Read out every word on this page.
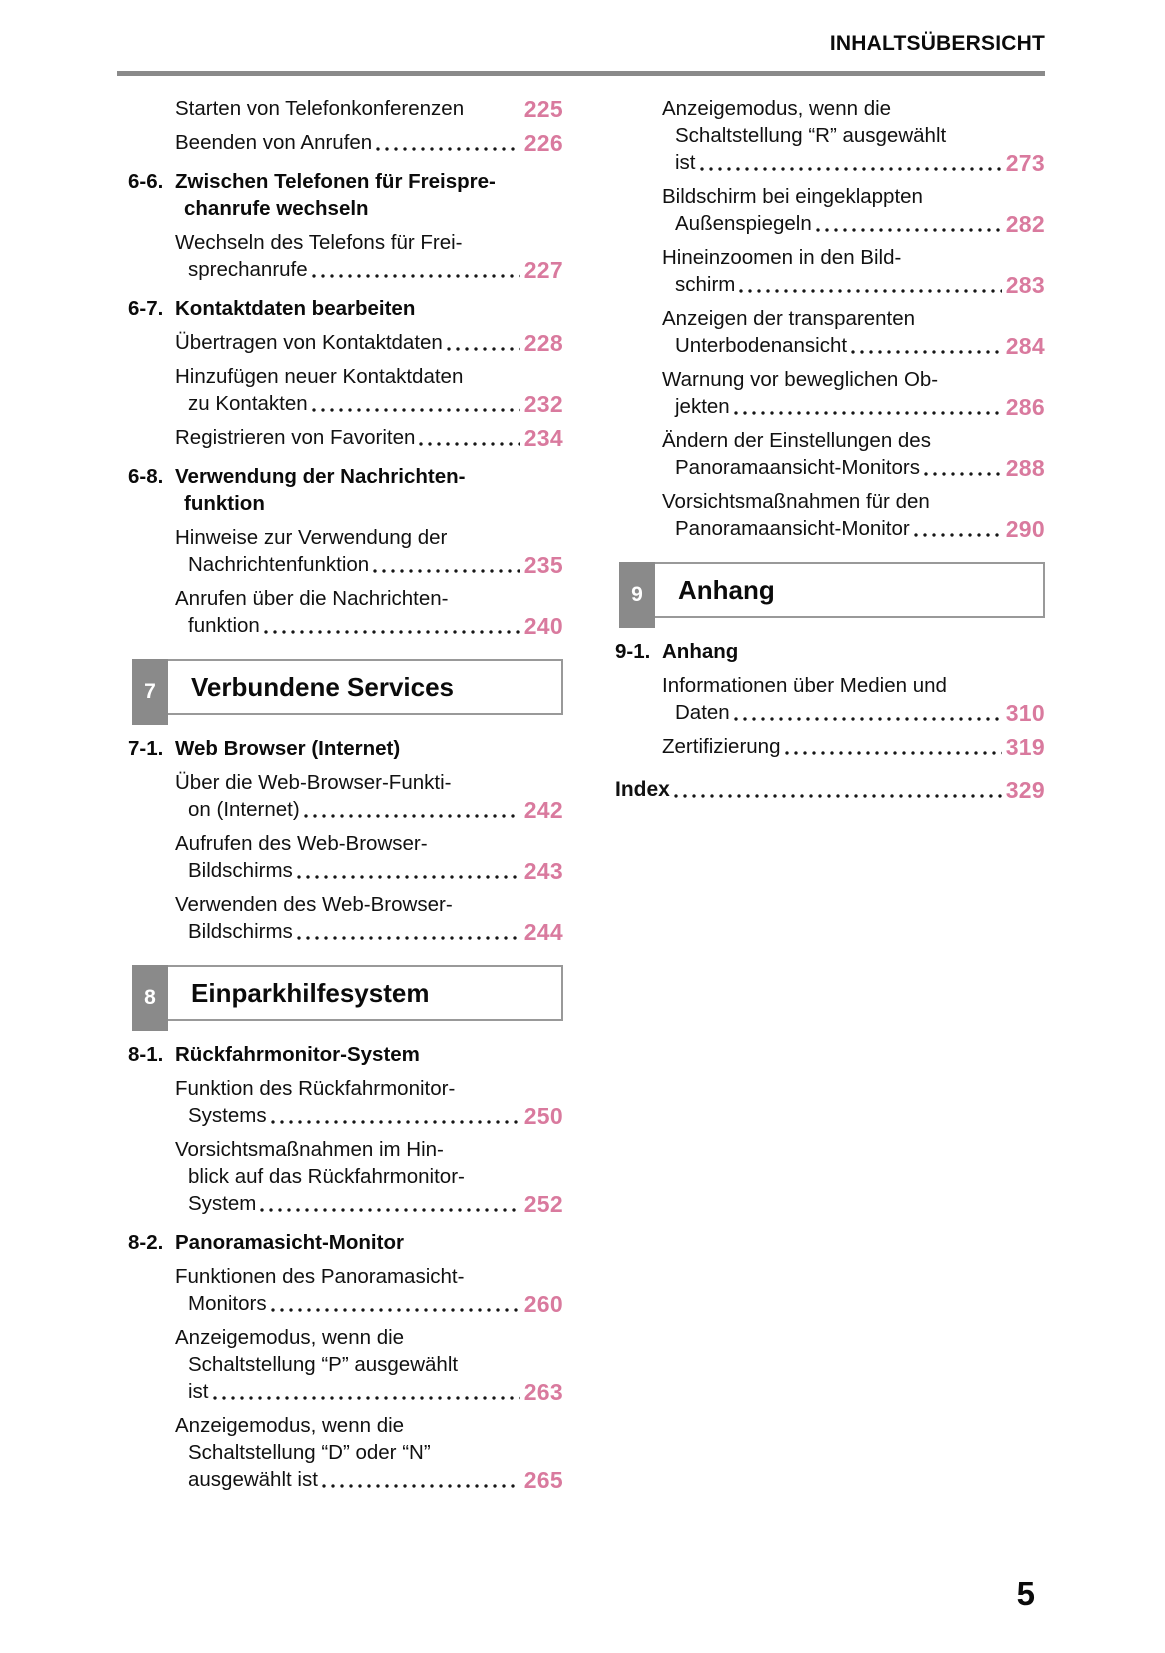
INHALTSÜBERSICHT
Starten von Telefonkonferenzen	225
Beenden von Anrufen	226
6-6. Zwischen Telefonen für Freispre-
chanrufe wechseln
Wechseln des Telefons für Frei-
sprechanrufe	227
6-7. Kontaktdaten bearbeiten
Übertragen von Kontaktdaten	228
Hinzufügen neuer Kontaktdaten
zu Kontakten	232
Registrieren von Favoriten	234
6-8. Verwendung der Nachrichten-
funktion
Hinweise zur Verwendung der
Nachrichtenfunktion	235
Anrufen über die Nachrichten-
funktion	240
7	Verbundene Services
7-1. Web Browser (Internet)
Über die Web-Browser-Funkti-
on (Internet)	242
Aufrufen des Web-Browser-
Bildschirms	243
Verwenden des Web-Browser-
Bildschirms	244
8	Einparkhilfesystem
8-1. Rückfahrmonitor-System
Funktion des Rückfahrmonitor-
Systems	250
Vorsichtsmaßnahmen im Hin-
blick auf das Rückfahrmonitor-
System	252
8-2. Panoramasicht-Monitor
Funktionen des Panoramasicht-
Monitors	260
Anzeigemodus, wenn die
Schaltstellung “P” ausgewählt
ist	263
Anzeigemodus, wenn die
Schaltstellung “D” oder “N”
ausgewählt ist	265
Anzeigemodus, wenn die
Schaltstellung “R” ausgewählt
ist	273
Bildschirm bei eingeklappten
Außenspiegeln	282
Hineinzoomen in den Bild-
schirm	283
Anzeigen der transparenten
Unterbodenansicht	284
Warnung vor beweglichen Ob-
jekten	286
Ändern der Einstellungen des
Panoramaansicht-Monitors	288
Vorsichtsmaßnahmen für den
Panoramaansicht-Monitor	290
9	Anhang
9-1. Anhang
Informationen über Medien und
Daten	310
Zertifizierung	319
Index	329
5
